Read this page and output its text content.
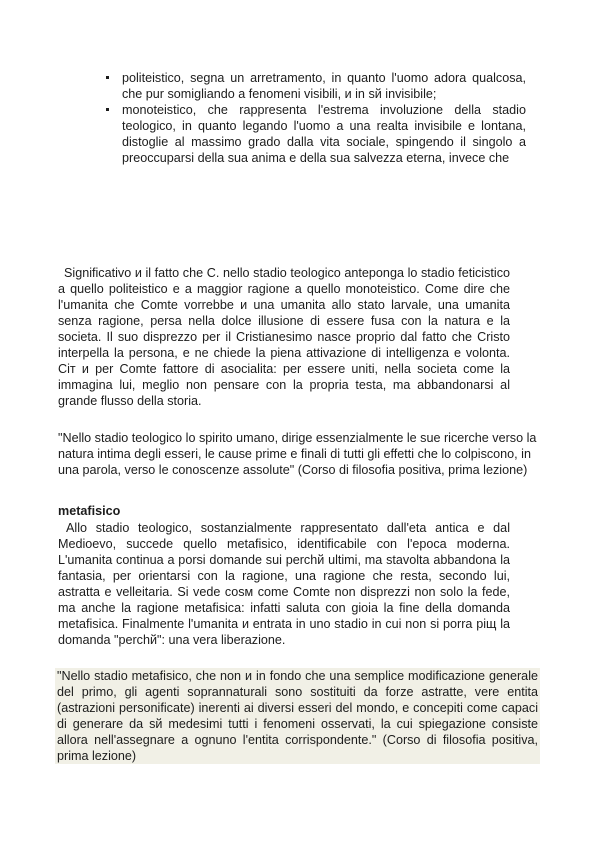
politeistico, segna un arretramento, in quanto l'uomo adora qualcosa, che pur somigliando a fenomeni visibili, и in sй invisibile;
monoteistico, che rappresenta l'estrema involuzione della stadio teologico, in quanto legando l'uomo a una realta invisibile e lontana, distoglie al massimo grado dalla vita sociale, spingendo il singolo a preoccuparsi della sua anima e della sua salvezza eterna, invece che

Significativo и il fatto che C. nello stadio teologico anteponga lo stadio feticistico a quello politeistico e a maggior ragione a quello monoteistico. Come dire che l'umanita che Comte vorrebbe и una umanita allo stato larvale, una umanita senza ragione, persa nella dolce illusione di essere fusa con la natura e la societa. Il suo disprezzo per il Cristianesimo nasce proprio dal fatto che Cristo interpella la persona, e ne chiede la piena attivazione di intelligenza e volonta. Ciт и per Comte fattore di asocialita: per essere uniti, nella societa come la immagina lui, meglio non pensare con la propria testa, ma abbandonarsi al grande flusso della storia.

"Nello stadio teologico lo spirito umano, dirige essenzialmente le sue ricerche verso la natura intima degli esseri, le cause prime e finali di tutti gli effetti che lo colpiscono, in una parola, verso le conoscenze assolute" (Corso di filosofia positiva, prima lezione)

metafisico

Allo stadio teologico, sostanzialmente rappresentato dall'eta antica e dal Medioevo, succede quello metafisico, identificabile con l'epoca moderna. L'umanita continua a porsi domande sui perchй ultimi, ma stavolta abbandona la fantasia, per orientarsi con la ragione, una ragione che resta, secondo lui, astratta e velleitaria. Si vede cosм come Comte non disprezzi non solo la fede, ma anche la ragione metafisica: infatti saluta con gioia la fine della domanda metafisica. Finalmente l'umanita и entrata in uno stadio in cui non si porra piщ la domanda "perchй": una vera liberazione.

"Nello stadio metafisico, che non и in fondo che una semplice modificazione generale del primo, gli agenti soprannaturali sono sostituiti da forze astratte, vere entita (astrazioni personificate) inerenti ai diversi esseri del mondo, e concepiti come capaci di generare da sй medesimi tutti i fenomeni osservati, la cui spiegazione consiste allora nell'assegnare a ognuno l'entita corrispondente." (Corso di filosofia positiva, prima lezione)
